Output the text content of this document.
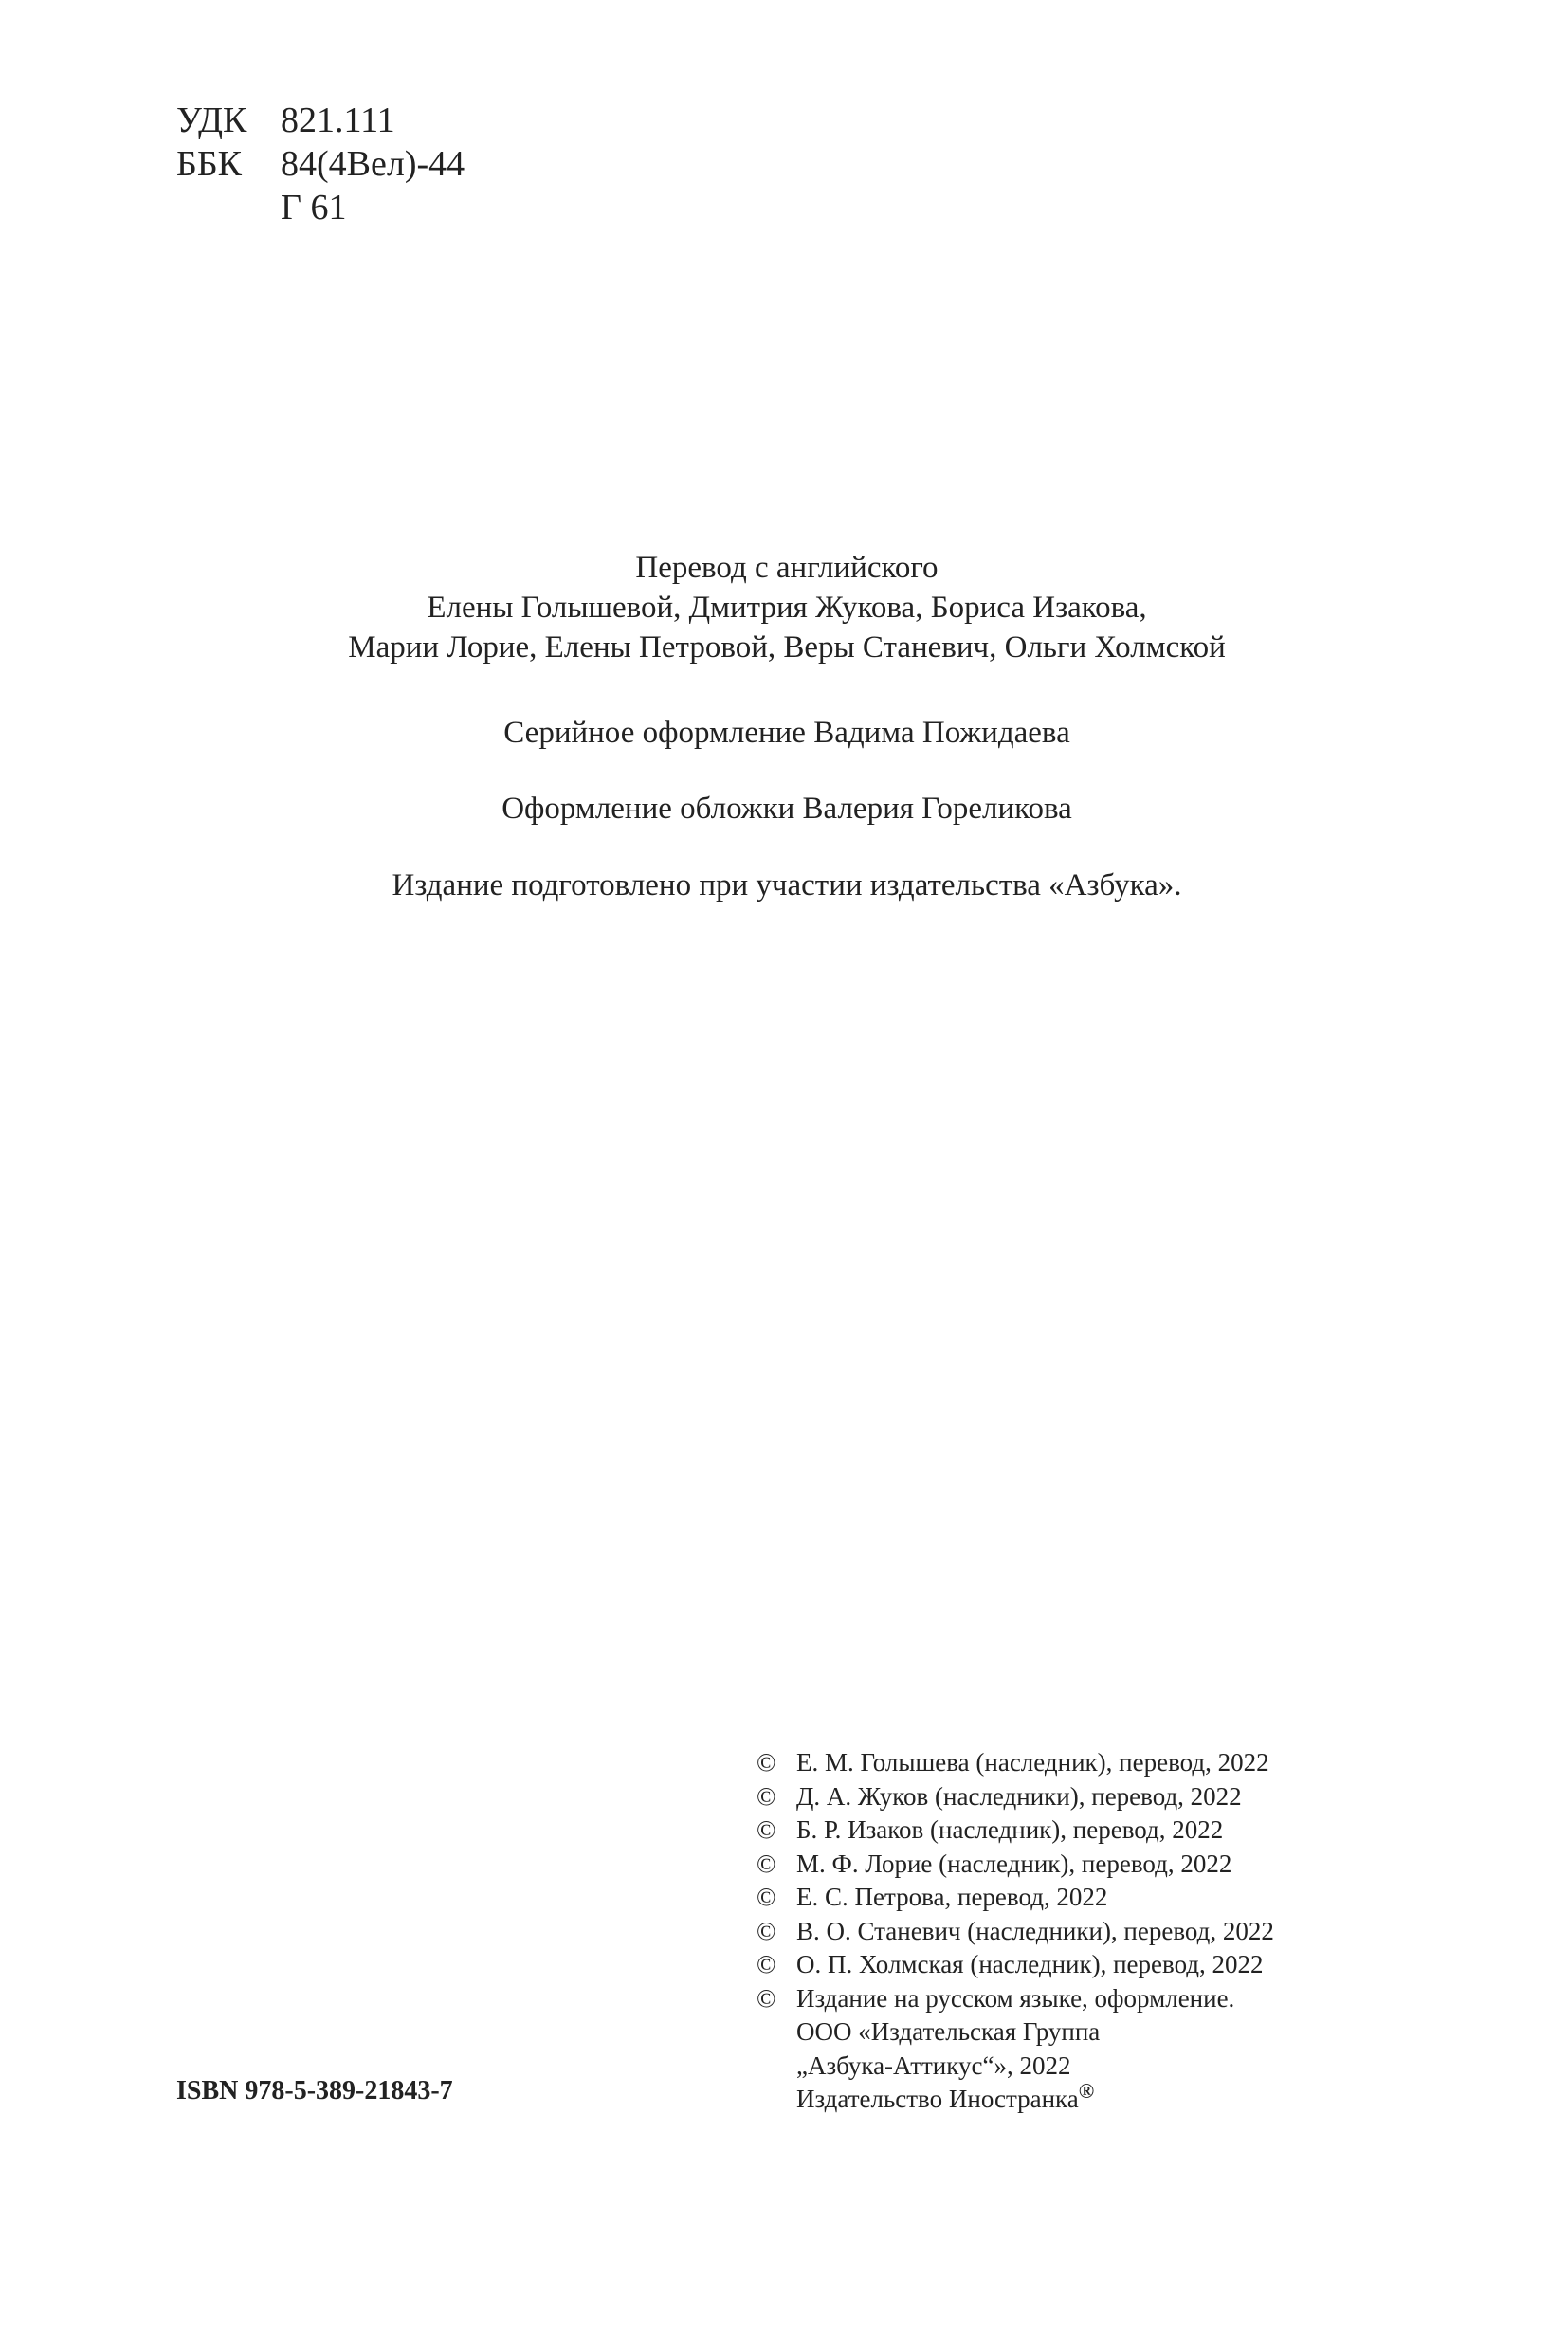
УДК 821.111
ББК	84(4Вел)-44
Г 61

Перевод с английского

Елены Голышевой, Дмитрия Жукова, Бориса Изакова,

Марии Лорие, Елены Петровой, Веры Станевич, Ольги Холмской

Серийное оформление Вадима Пожидаева

Оформление обложки Валерия Гореликова

Издание подготовлено при участии издательства «Азбука».

© Е. М. Голышева (наследник), перевод, 2022
© Д. А. Жуков (наследники), перевод, 2022
© Б. Р. Изаков (наследник), перевод, 2022
© М. Ф. Лорие (наследник), перевод, 2022
© Е. С. Петрова, перевод, 2022
© В. О. Станевич (наследники), перевод, 2022
© О. П. Холмская (наследник), перевод, 2022
© Издание на русском языке, оформление.
ООО «Издательская Группа
„Азбука-Аттикус“», 2022
Издательство Иностранка®
ISBN 978-5-389-21843-7
